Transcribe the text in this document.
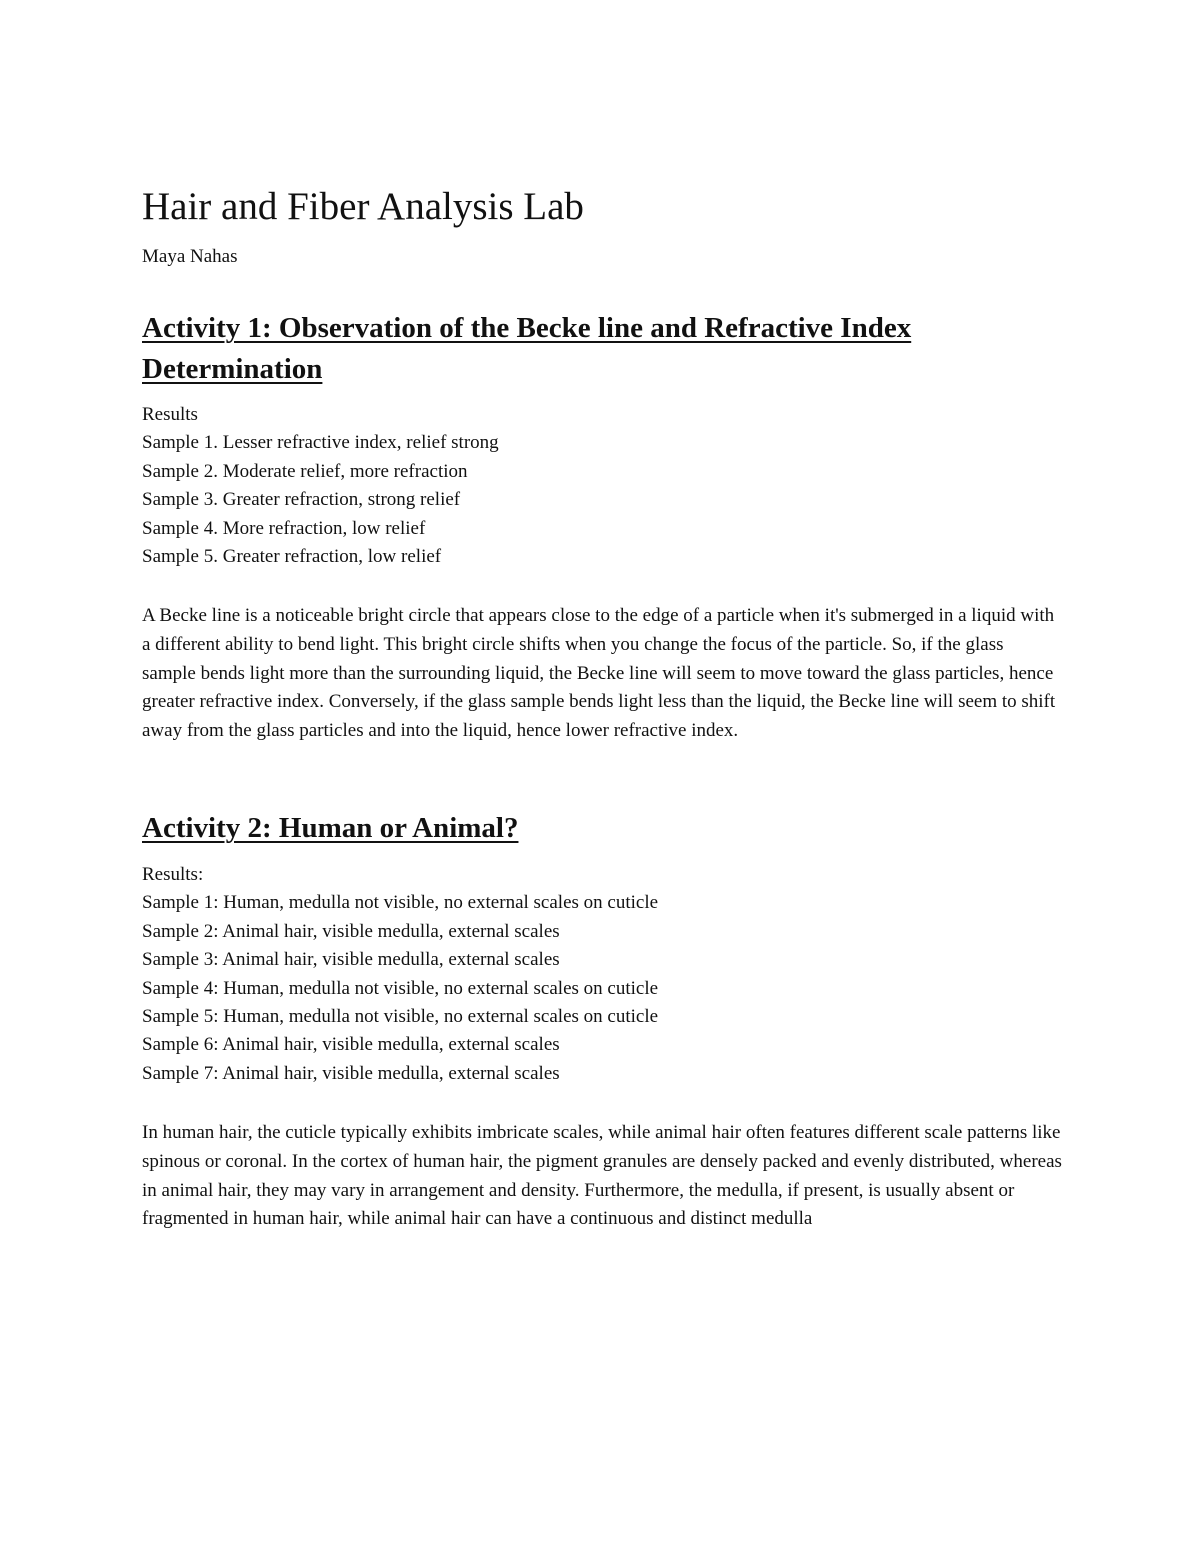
Hair and Fiber Analysis Lab

Maya Nahas

Activity 1: Observation of the Becke line and Refractive Index Determination
Results
Sample 1. Lesser refractive index, relief strong
Sample 2. Moderate relief, more refraction
Sample 3. Greater refraction, strong relief
Sample 4. More refraction, low relief
Sample 5. Greater refraction, low relief

A Becke line is a noticeable bright circle that appears close to the edge of a particle when it's submerged in a liquid with a different ability to bend light. This bright circle shifts when you change the focus of the particle. So, if the glass sample bends light more than the surrounding liquid, the Becke line will seem to move toward the glass particles, hence greater refractive index. Conversely, if the glass sample bends light less than the liquid, the Becke line will seem to shift away from the glass particles and into the liquid, hence lower refractive index.

Activity 2: Human or Animal?
Results:
Sample 1: Human, medulla not visible, no external scales on cuticle
Sample 2: Animal hair, visible medulla, external scales
Sample 3: Animal hair, visible medulla, external scales
Sample 4: Human, medulla not visible, no external scales on cuticle
Sample 5: Human, medulla not visible, no external scales on cuticle
Sample 6: Animal hair, visible medulla, external scales
Sample 7: Animal hair, visible medulla, external scales

In human hair, the cuticle typically exhibits imbricate scales, while animal hair often features different scale patterns like spinous or coronal. In the cortex of human hair, the pigment granules are densely packed and evenly distributed, whereas in animal hair, they may vary in arrangement and density. Furthermore, the medulla, if present, is usually absent or fragmented in human hair, while animal hair can have a continuous and distinct medulla
